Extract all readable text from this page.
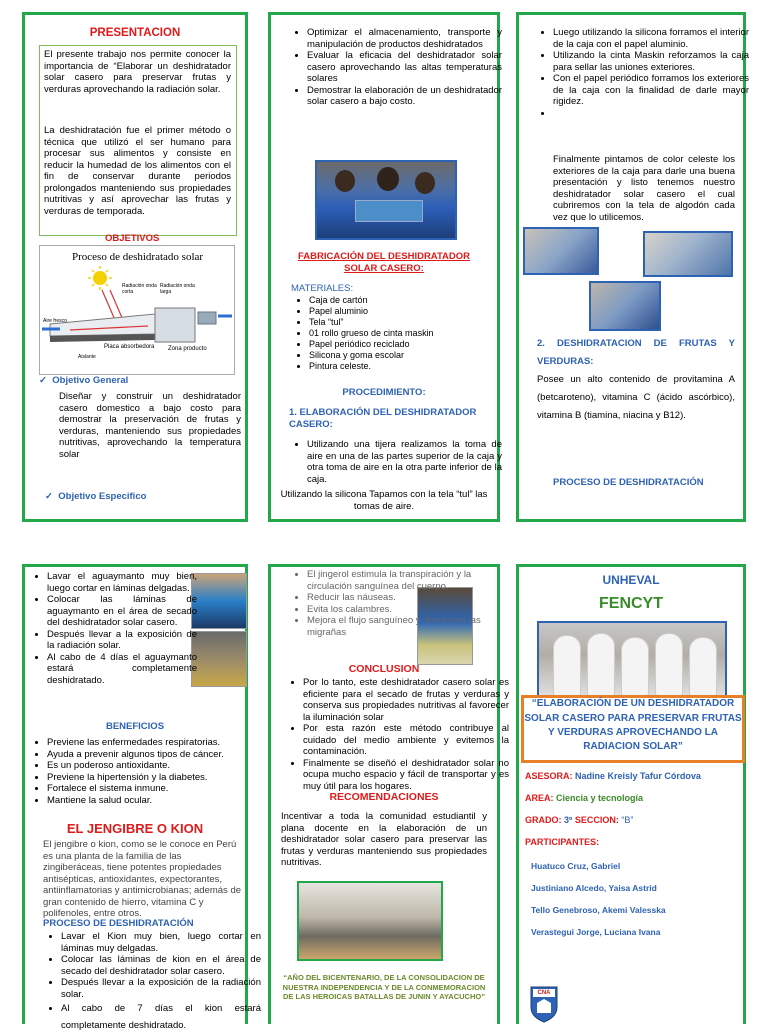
PRESENTACION
El presente trabajo nos permite conocer la importancia de “Elaborar un deshidratador solar casero para preservar frutas y verduras aprovechando la radiación solar.
La deshidratación fue el primer método o técnica que utilizó el ser humano para procesar sus alimentos y consiste en reducir la humedad de los alimentos con el fin de conservar durante periodos prolongados manteniendo sus propiedades nutritivas y así aprovechar las frutas y verduras de temporada.
OBJETIVOS
Proceso de deshidratado solar
Radiación onda corta
Radiación onda larga
Aire fresco
Placa absorbedora Zona producto
Aislante
✓ Objetivo General
Diseñar y construir un deshidratador casero domestico a bajo costo para demostrar la preservación de frutas y verduras, manteniendo sus propiedades nutritivas, aprovechando la temperatura solar
✓ Objetivo Especifico
• Optimizar el almacenamiento, transporte y manipulación de productos deshidratados
• Evaluar la eficacia del deshidratador solar casero aprovechando las altas temperaturas solares
• Demostrar la elaboración de un deshidratador solar casero a bajo costo.
FABRICACIÓN DEL DESHIDRATADOR SOLAR CASERO:
MATERIALES:
• Caja de cartón
• Papel aluminio
• Tela “tul”
• 01 rollo grueso de cinta maskin
• Papel periódico reciclado
• Silicona y goma escolar
• Pintura celeste.
PROCEDIMIENTO:
1. ELABORACIÓN DEL DESHIDRATADOR CASERO:
• Utilizando una tijera realizamos la toma de aire en una de las partes superior de la caja y otra toma de aire en la otra parte inferior de la caja.
Utilizando la silicona Tapamos con la tela “tul” las tomas de aire.
• Luego utilizando la silicona forramos el interior de la caja con el papel aluminio.
• Utilizando la cinta Maskin reforzamos la caja para sellar las uniones exteriores.
• Con el papel periódico forramos los exteriores de la caja con la finalidad de darle mayor rigidez.
•
Finalmente pintamos de color celeste los exteriores de la caja para darle una buena presentación y listo tenemos nuestro deshidratador solar casero el cual cubriremos con la tela de algodón cada vez que lo utilicemos.
2. DESHIDRATACION DE FRUTAS Y VERDURAS:
Posee un alto contenido de provitamina A (betcaroteno), vitamina C (ácido ascórbico), vitamina B (tiamina, niacina y B12).
PROCESO DE DESHIDRATACIÓN
• Lavar el aguaymanto muy bien, luego cortar en láminas delgadas.
• Colocar las láminas de aguaymanto en el área de secado del deshidratador solar casero.
• Después llevar a la exposición de la radiación solar.
• Al cabo de 4 días el aguaymanto estará completamente deshidratado.
BENEFICIOS
• Previene las enfermedades respiratorias.
• Ayuda a prevenir algunos tipos de cáncer.
• Es un poderoso antioxidante.
• Previene la hipertensión y la diabetes.
• Fortalece el sistema inmune.
• Mantiene la salud ocular.
EL JENGIBRE O KION
El jengibre o kion, como se le conoce en Perú es una planta de la familia de las zingiberáceas, tiene potentes propiedades antisépticas, antioxidantes, expectorantes, antiinflamatorias y antimicrobianas; además de gran contenido de hierro, vitamina C y polifenoles, entre otros.
PROCESO DE DESHIDRATACIÓN
• Lavar el Kion muy bien, luego cortar en láminas muy delgadas.
• Colocar las láminas de kion en el área de secado del deshidratador solar casero.
• Después llevar a la exposición de la radiación solar.
• Al cabo de 7 días el kion estará completamente deshidratado.
• El jingerol estimula la transpiración y la circulación sanguínea del cuerpo.
• Reducir las náuseas.
• Evita los calambres.
• Mejora el flujo sanguíneo y disminuye las migrañas
CONCLUSION
• Por lo tanto, este deshidratador casero solar es eficiente para el secado de frutas y verduras y conserva sus propiedades nutritivas al favorecer la iluminación solar
• Por esta razón este método contribuye al cuidado del medio ambiente y evitemos la contaminación.
• Finalmente se diseñó el deshidratador solar no ocupa mucho espacio y fácil de transportar y es muy útil para los hogares.
RECOMENDACIONES
Incentivar a toda la comunidad estudiantil y plana docente en la elaboración de un deshidratador solar casero para preservar las frutas y verduras manteniendo sus propiedades nutritivas.
“AÑO DEL BICENTENARIO, DE LA CONSOLIDACION DE NUESTRA INDEPENDENCIA Y DE LA CONMEMORACION DE LAS HEROICAS BATALLAS DE JUNIN Y AYACUCHO”
UNHEVAL
FENCYT
“ELABORACIÓN DE UN DESHIDRATADOR
SOLAR CASERO PARA PRESERVAR FRUTAS Y VERDURAS APROVECHANDO LA RADIACION SOLAR”
ASESORA: Nadine Kreisly Tafur Córdova
AREA: Ciencia y tecnología
GRADO: 3º SECCION: “B”
PARTICIPANTES:
Huatuco Cruz, Gabriel
Justiniano Alcedo, Yaisa Astrid
Tello Genebroso, Akemi Valesska
Verastegui Jorge, Luciana Ivana
CNA
